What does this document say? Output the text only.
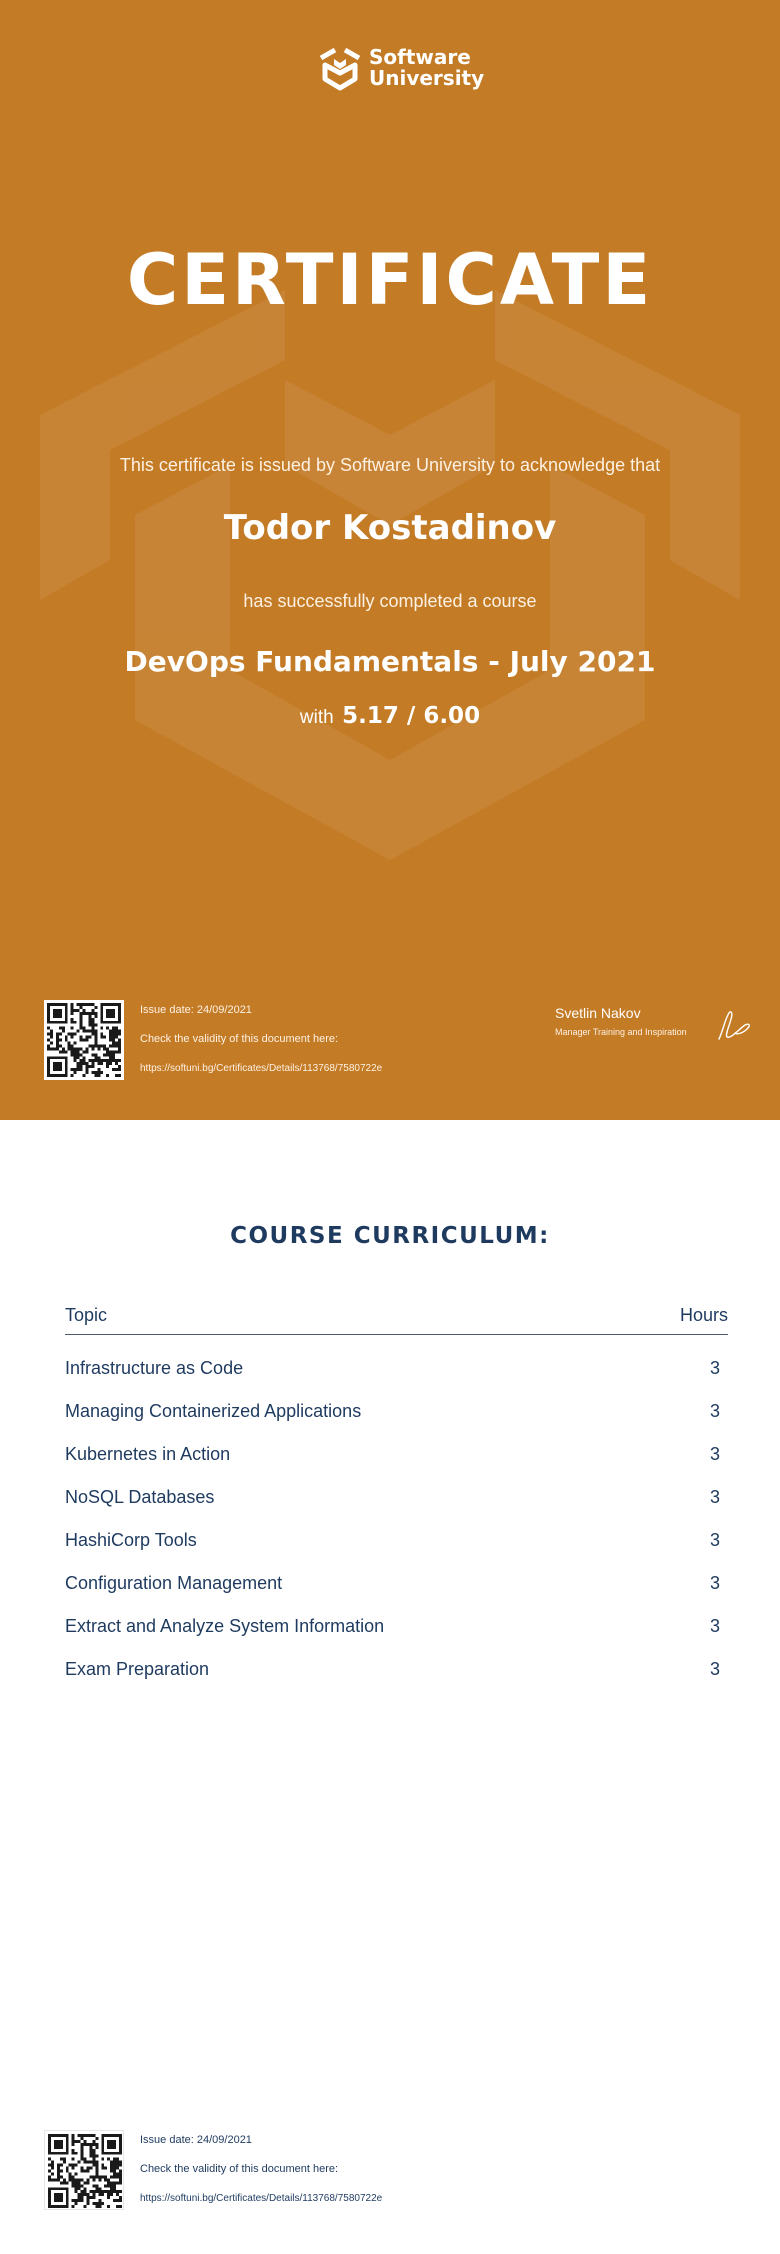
Software
University
CERTIFICATE
This certificate is issued by Software University to acknowledge that
Todor Kostadinov
has successfully completed a course
DevOps Fundamentals - July 2021
with 5.17 / 6.00
Issue date: 24/09/2021
Check the validity of this document here:
https://softuni.bg/Certificates/Details/113768/7580722e
Svetlin Nakov
Manager Training and Inspiration
COURSE CURRICULUM:
Topic	Hours
Infrastructure as Code	3
Managing Containerized Applications	3
Kubernetes in Action	3
NoSQL Databases	3
HashiCorp Tools	3
Configuration Management	3
Extract and Analyze System Information	3
Exam Preparation	3
Issue date: 24/09/2021
Check the validity of this document here:
https://softuni.bg/Certificates/Details/113768/7580722e
